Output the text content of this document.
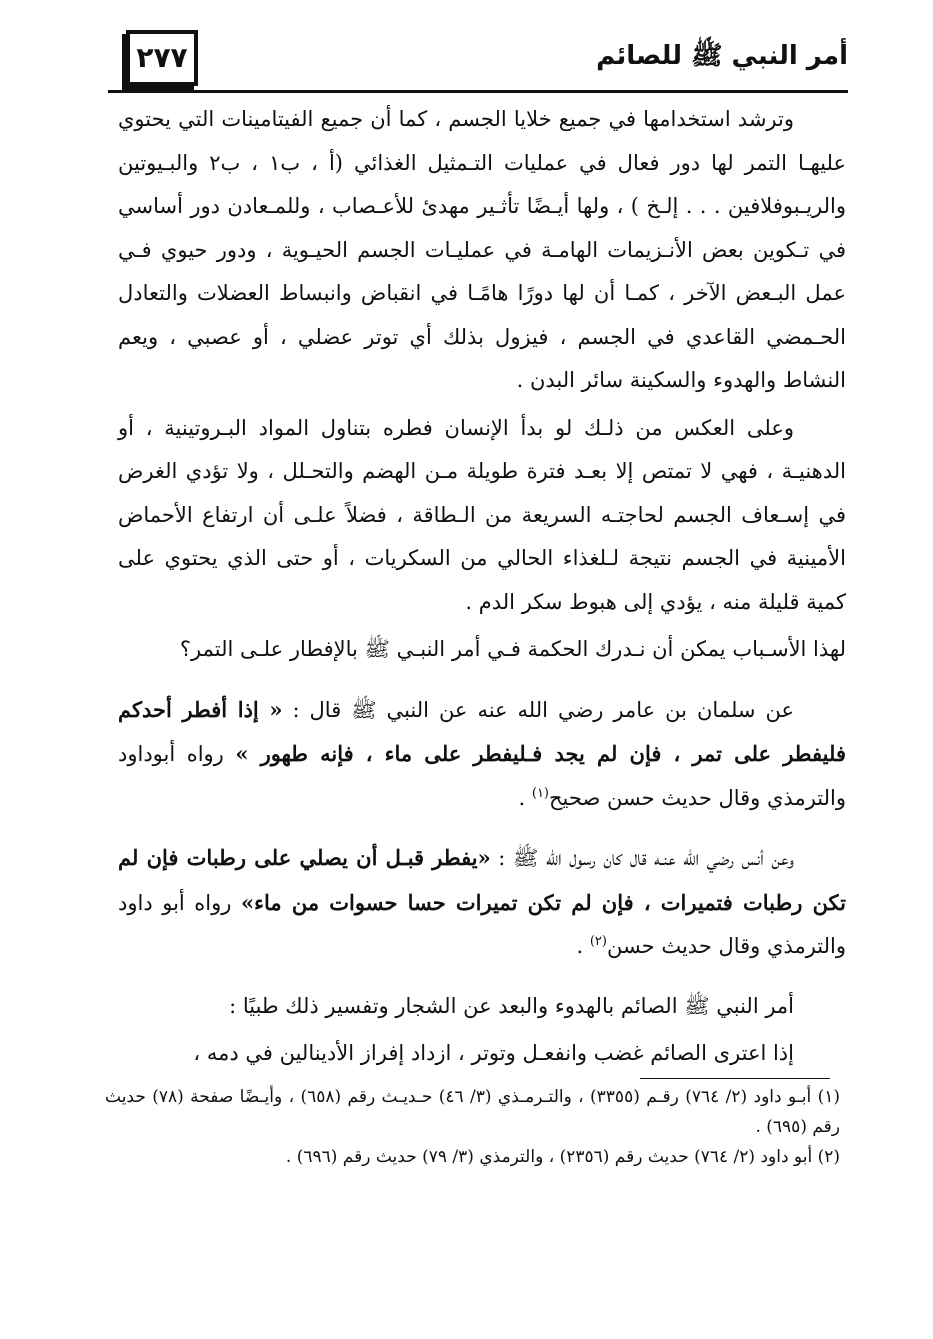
٢٧٧	أمر النبي ﷺ للصائم

وترشد استخدامها في جميع خلايا الجسم ، كما أن جميع الفيتامينات التي يحتوي عليهـا التمر لها دور فعال في عمليات التـمثيل الغذائي (أ ، ب١ ، ب٢ والبـيوتين والريـبوفلافين . . . إلـخ ) ، ولها أيـضًا تأثـير مهدئ للأعـصاب ، وللمـعادن دور أساسي في تـكوين بعض الأنـزيمات الهامـة في عمليـات الجسم الحيـوية ، ودور حيوي فـي عمل البـعض الآخر ، كمـا أن لها دورًا هامًـا في انقباض وانبساط العضلات والتعادل الحـمضي القاعدي في الجسم ، فيزول بذلك أي توتر عضلي ، أو عصبي ، ويعم النشاط والهدوء والسكينة سائر البدن .

وعلى العكس من ذلـك لو بدأ الإنسان فطره بتناول المواد البـروتينية ، أو الدهنيـة ، فهي لا تمتص إلا بعـد فترة طويلة مـن الهضم والتحـلل ، ولا تؤدي الغرض في إسـعاف الجسم لحاجتـه السريعة من الـطاقة ، فضلاً علـى أن ارتفاع الأحماض الأمينية في الجسم نتيجة لـلغذاء الحالي من السكريات ، أو حتى الذي يحتوي على كمية قليلة منه ، يؤدي إلى هبوط سكر الدم .

لهذا الأسـباب يمكن أن نـدرك الحكمة فـي أمر النبـي ﷺ بالإفطار علـى التمر؟

عن سلمان بن عامر رضي الله عنه عن النبي ﷺ قال : « إذا أفطر أحدكم فليفطر على تمر ، فإن لم يجد فـليفطر على ماء ، فإنه طهور » رواه أبوداود والترمذي وقال حديث حسن صحيح$^{(١)}$ .

وعن أنس رضي الله عنـه قال كان رسول الله ﷺ : «يفطر قبـل أن يصلي على رطبات فإن لم تكن رطبات فتميرات ، فإن لم تكن تميرات حسا حسوات من ماء» رواه أبو داود والترمذي وقال حديث حسن$^{(٢)}$ .

أمر النبي ﷺ الصائم بالهدوء والبعد عن الشجار وتفسير ذلك طبيًا :

إذا اعترى الصائم غضب وانفعـل وتوتر ، ازداد إفراز الأدينالين في دمه ،

(١) أبـو داود (٢/ ٧٦٤) رقـم (٣٣٥٥) ، والتـرمـذي (٣/ ٤٦) حـديـث رقم (٦٥٨) ، وأيـضًا صفحة (٧٨) حديث رقم (٦٩٥) .

(٢) أبو داود (٢/ ٧٦٤) حديث رقم (٢٣٥٦) ، والترمذي (٣/ ٧٩) حديث رقم (٦٩٦) .
